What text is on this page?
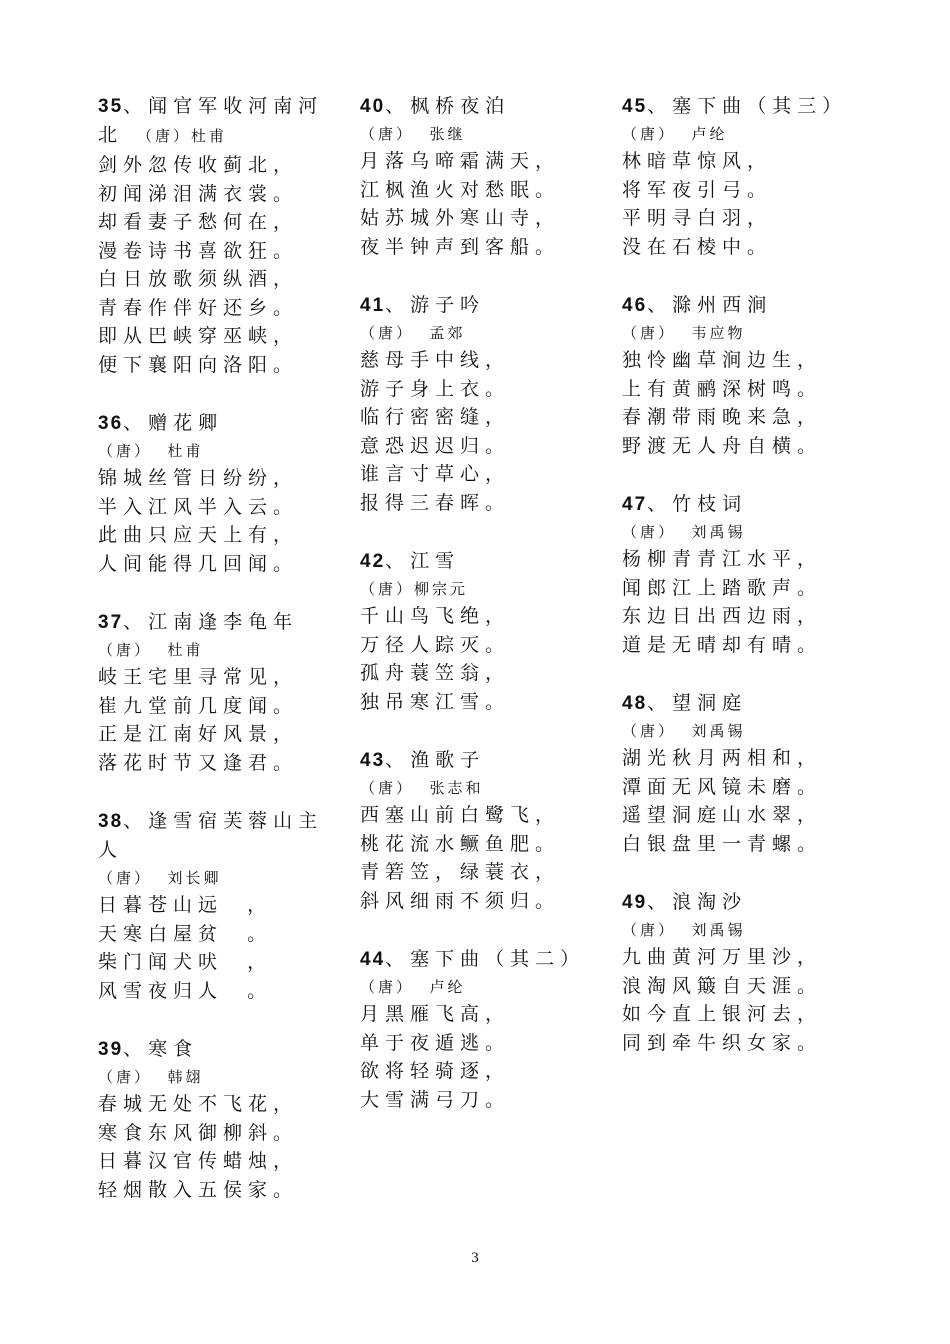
35、闻官军收河南河
北 （唐）杜甫
剑外忽传收蓟北，
初闻涕泪满衣裳。
却看妻子愁何在，
漫卷诗书喜欲狂。
白日放歌须纵酒，
青春作伴好还乡。
即从巴峡穿巫峡，
便下襄阳向洛阳。
36、赠花卿
（唐）  杜甫
锦城丝管日纷纷，
半入江风半入云。
此曲只应天上有，
人间能得几回闻。
37、江南逢李龟年
（唐）  杜甫
岐王宅里寻常见，
崔九堂前几度闻。
正是江南好风景，
落花时节又逢君。
38、逢雪宿芙蓉山主
人
（唐）  刘长卿
日暮苍山远  ，
天寒白屋贫  。
柴门闻犬吠  ，
风雪夜归人  。
39、寒食
（唐）  韩翃
春城无处不飞花，
寒食东风御柳斜。
日暮汉官传蜡烛，
轻烟散入五侯家。
40、枫桥夜泊
（唐）  张继
月落乌啼霜满天，
江枫渔火对愁眠。
姑苏城外寒山寺，
夜半钟声到客船。
41、游子吟
（唐）  孟郊
慈母手中线，
游子身上衣。
临行密密缝，
意恐迟迟归。
谁言寸草心，
报得三春晖。
42、江雪
（唐）柳宗元
千山鸟飞绝，
万径人踪灭。
孤舟蓑笠翁，
独吊寒江雪。
43、渔歌子
（唐）  张志和
西塞山前白鹭飞，
桃花流水鳜鱼肥。
青箬笠，绿蓑衣，
斜风细雨不须归。
44、塞下曲（其二）
（唐）  卢纶
月黑雁飞高，
单于夜遁逃。
欲将轻骑逐，
大雪满弓刀。
45、塞下曲（其三）
（唐）  卢纶
林暗草惊风，
将军夜引弓。
平明寻白羽，
没在石棱中。
46、滁州西涧
（唐）  韦应物
独怜幽草涧边生，
上有黄鹂深树鸣。
春潮带雨晚来急，
野渡无人舟自横。
47、竹枝词
（唐）  刘禹锡
杨柳青青江水平，
闻郎江上踏歌声。
东边日出西边雨，
道是无晴却有晴。
48、望洞庭
（唐）  刘禹锡
湖光秋月两相和，
潭面无风镜未磨。
遥望洞庭山水翠，
白银盘里一青螺。
49、浪淘沙
（唐）  刘禹锡
九曲黄河万里沙，
浪淘风簸自天涯。
如今直上银河去，
同到牵牛织女家。
3
